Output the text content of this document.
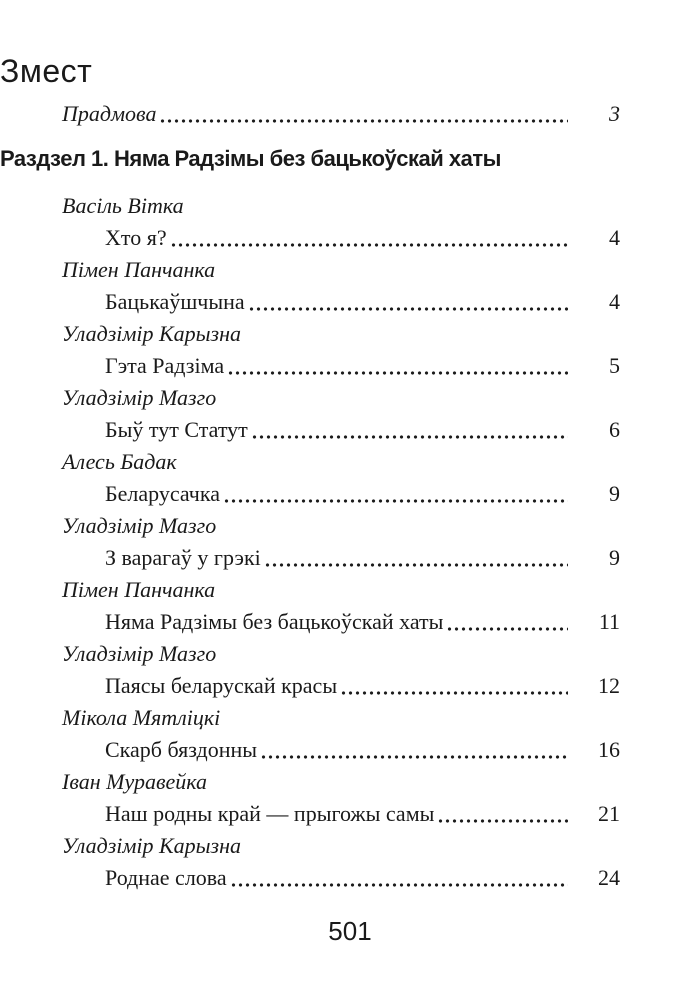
Змест
Прадмова	3
Раздзел 1. Няма Радзімы без бацькоўскай хаты
Васіль Вітка
Хто я?	4
Пімен Панчанка
Бацькаўшчына	4
Уладзімір Карызна
Гэта Радзіма	5
Уладзімір Мазго
Быў тут Статут	6
Алесь Бадак
Беларусачка	9
Уладзімір Мазго
З варагаў у грэкі	9
Пімен Панчанка
Няма Радзімы без бацькоўскай хаты	11
Уладзімір Мазго
Паясы беларускай красы	12
Мікола Мятліцкі
Скарб бяздонны	16
Іван Муравейка
Наш родны край — прыгожы самы	21
Уладзімір Карызна
Роднае слова	24
501
